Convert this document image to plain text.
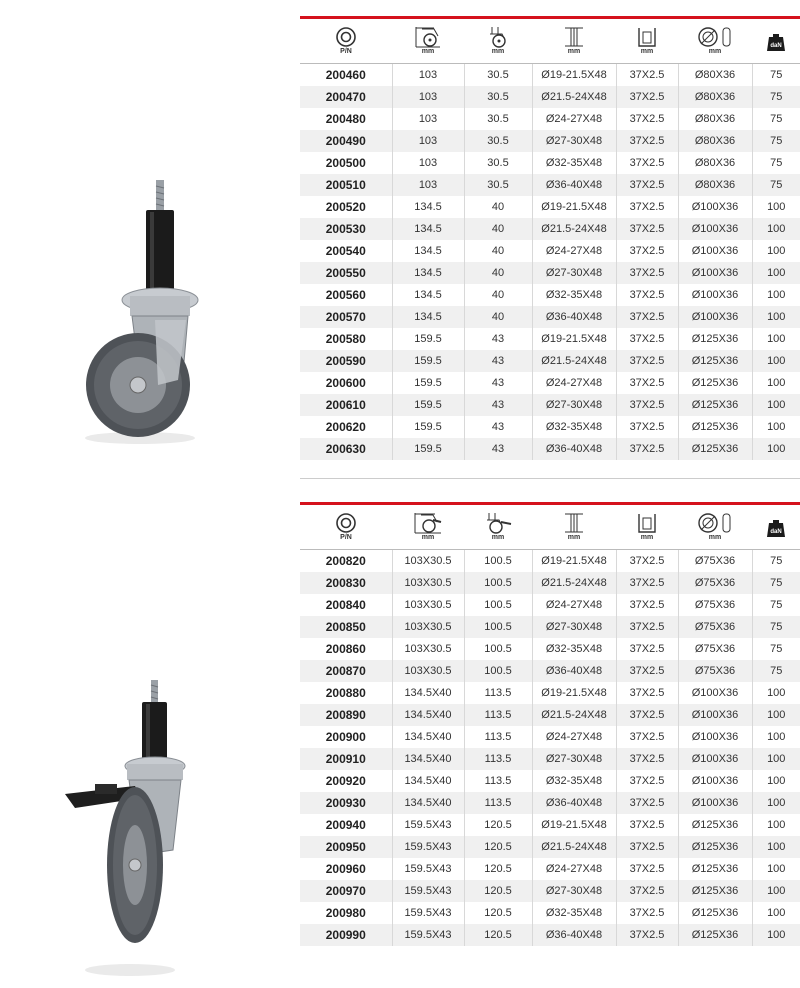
P/N	mm	mm	mm	mm	mm	daN

200460	103	30.5	Ø19-21.5X48	37X2.5	Ø80X36	75
200470	103	30.5	Ø21.5-24X48	37X2.5	Ø80X36	75
200480	103	30.5	Ø24-27X48	37X2.5	Ø80X36	75
200490	103	30.5	Ø27-30X48	37X2.5	Ø80X36	75
200500	103	30.5	Ø32-35X48	37X2.5	Ø80X36	75
200510	103	30.5	Ø36-40X48	37X2.5	Ø80X36	75
200520	134.5	40	Ø19-21.5X48	37X2.5	Ø100X36	100
200530	134.5	40	Ø21.5-24X48	37X2.5	Ø100X36	100
200540	134.5	40	Ø24-27X48	37X2.5	Ø100X36	100
200550	134.5	40	Ø27-30X48	37X2.5	Ø100X36	100
200560	134.5	40	Ø32-35X48	37X2.5	Ø100X36	100
200570	134.5	40	Ø36-40X48	37X2.5	Ø100X36	100
200580	159.5	43	Ø19-21.5X48	37X2.5	Ø125X36	100
200590	159.5	43	Ø21.5-24X48	37X2.5	Ø125X36	100
200600	159.5	43	Ø24-27X48	37X2.5	Ø125X36	100
200610	159.5	43	Ø27-30X48	37X2.5	Ø125X36	100
200620	159.5	43	Ø32-35X48	37X2.5	Ø125X36	100
200630	159.5	43	Ø36-40X48	37X2.5	Ø125X36	100
P/N	mm	mm	mm	mm	mm	daN

200820	103X30.5	100.5	Ø19-21.5X48	37X2.5	Ø75X36	75
200830	103X30.5	100.5	Ø21.5-24X48	37X2.5	Ø75X36	75
200840	103X30.5	100.5	Ø24-27X48	37X2.5	Ø75X36	75
200850	103X30.5	100.5	Ø27-30X48	37X2.5	Ø75X36	75
200860	103X30.5	100.5	Ø32-35X48	37X2.5	Ø75X36	75
200870	103X30.5	100.5	Ø36-40X48	37X2.5	Ø75X36	75
200880	134.5X40	113.5	Ø19-21.5X48	37X2.5	Ø100X36	100
200890	134.5X40	113.5	Ø21.5-24X48	37X2.5	Ø100X36	100
200900	134.5X40	113.5	Ø24-27X48	37X2.5	Ø100X36	100
200910	134.5X40	113.5	Ø27-30X48	37X2.5	Ø100X36	100
200920	134.5X40	113.5	Ø32-35X48	37X2.5	Ø100X36	100
200930	134.5X40	113.5	Ø36-40X48	37X2.5	Ø100X36	100
200940	159.5X43	120.5	Ø19-21.5X48	37X2.5	Ø125X36	100
200950	159.5X43	120.5	Ø21.5-24X48	37X2.5	Ø125X36	100
200960	159.5X43	120.5	Ø24-27X48	37X2.5	Ø125X36	100
200970	159.5X43	120.5	Ø27-30X48	37X2.5	Ø125X36	100
200980	159.5X43	120.5	Ø32-35X48	37X2.5	Ø125X36	100
200990	159.5X43	120.5	Ø36-40X48	37X2.5	Ø125X36	100
